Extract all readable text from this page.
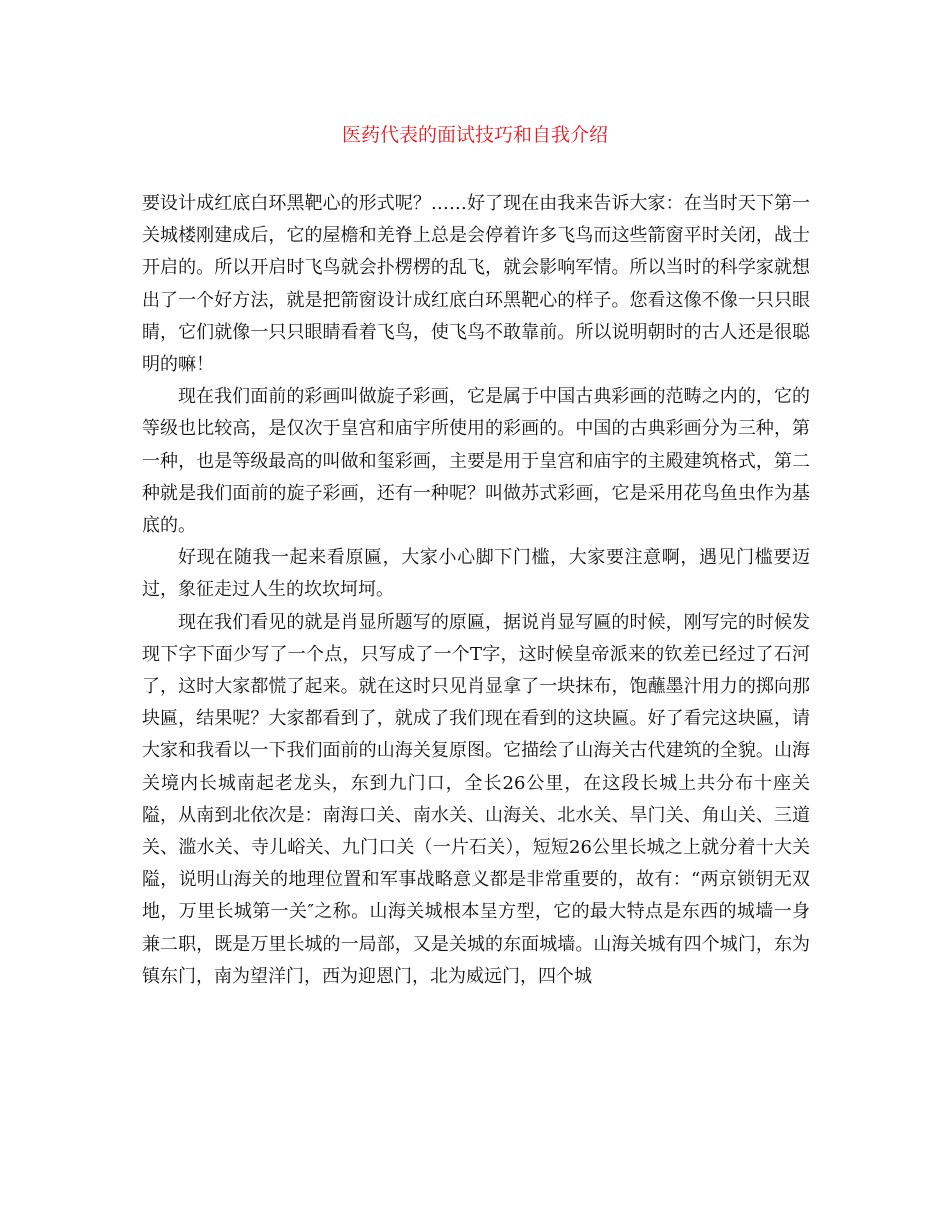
医药代表的面试技巧和自我介绍

要设计成红底白环黑靶心的形式呢？……好了现在由我来告诉大家：在当时天下第一关城楼刚建成后，它的屋檐和羌脊上总是会停着许多飞鸟而这些箭窗平时关闭，战士开启的。所以开启时飞鸟就会扑楞楞的乱飞，就会影响军情。所以当时的科学家就想出了一个好方法，就是把箭窗设计成红底白环黑靶心的样子。您看这像不像一只只眼睛，它们就像一只只眼睛看着飞鸟，使飞鸟不敢靠前。所以说明朝时的古人还是很聪明的嘛！

现在我们面前的彩画叫做旋子彩画，它是属于中国古典彩画的范畴之内的，它的等级也比较高，是仅次于皇宫和庙宇所使用的彩画的。中国的古典彩画分为三种，第一种，也是等级最高的叫做和玺彩画，主要是用于皇宫和庙宇的主殿建筑格式，第二种就是我们面前的旋子彩画，还有一种呢？叫做苏式彩画，它是采用花鸟鱼虫作为基底的。

好现在随我一起来看原匾，大家小心脚下门槛，大家要注意啊，遇见门槛要迈过，象征走过人生的坎坎坷坷。

现在我们看见的就是肖显所题写的原匾，据说肖显写匾的时候，刚写完的时候发现下字下面少写了一个点，只写成了一个T字，这时候皇帝派来的钦差已经过了石河了，这时大家都慌了起来。就在这时只见肖显拿了一块抹布，饱蘸墨汁用力的掷向那块匾，结果呢？大家都看到了，就成了我们现在看到的这块匾。好了看完这块匾，请大家和我看以一下我们面前的山海关复原图。它描绘了山海关古代建筑的全貌。山海关境内长城南起老龙头，东到九门口，全长26公里，在这段长城上共分布十座关隘，从南到北依次是：南海口关、南水关、山海关、北水关、旱门关、角山关、三道关、滥水关、寺儿峪关、九门口关（一片石关），短短26公里长城之上就分着十大关隘，说明山海关的地理位置和军事战略意义都是非常重要的，故有：“两京锁钥无双地，万里长城第一关″之称。山海关城根本呈方型，它的最大特点是东西的城墙一身兼二职，既是万里长城的一局部，又是关城的东面城墙。山海关城有四个城门，东为镇东门，南为望洋门，西为迎恩门，北为威远门，四个城
